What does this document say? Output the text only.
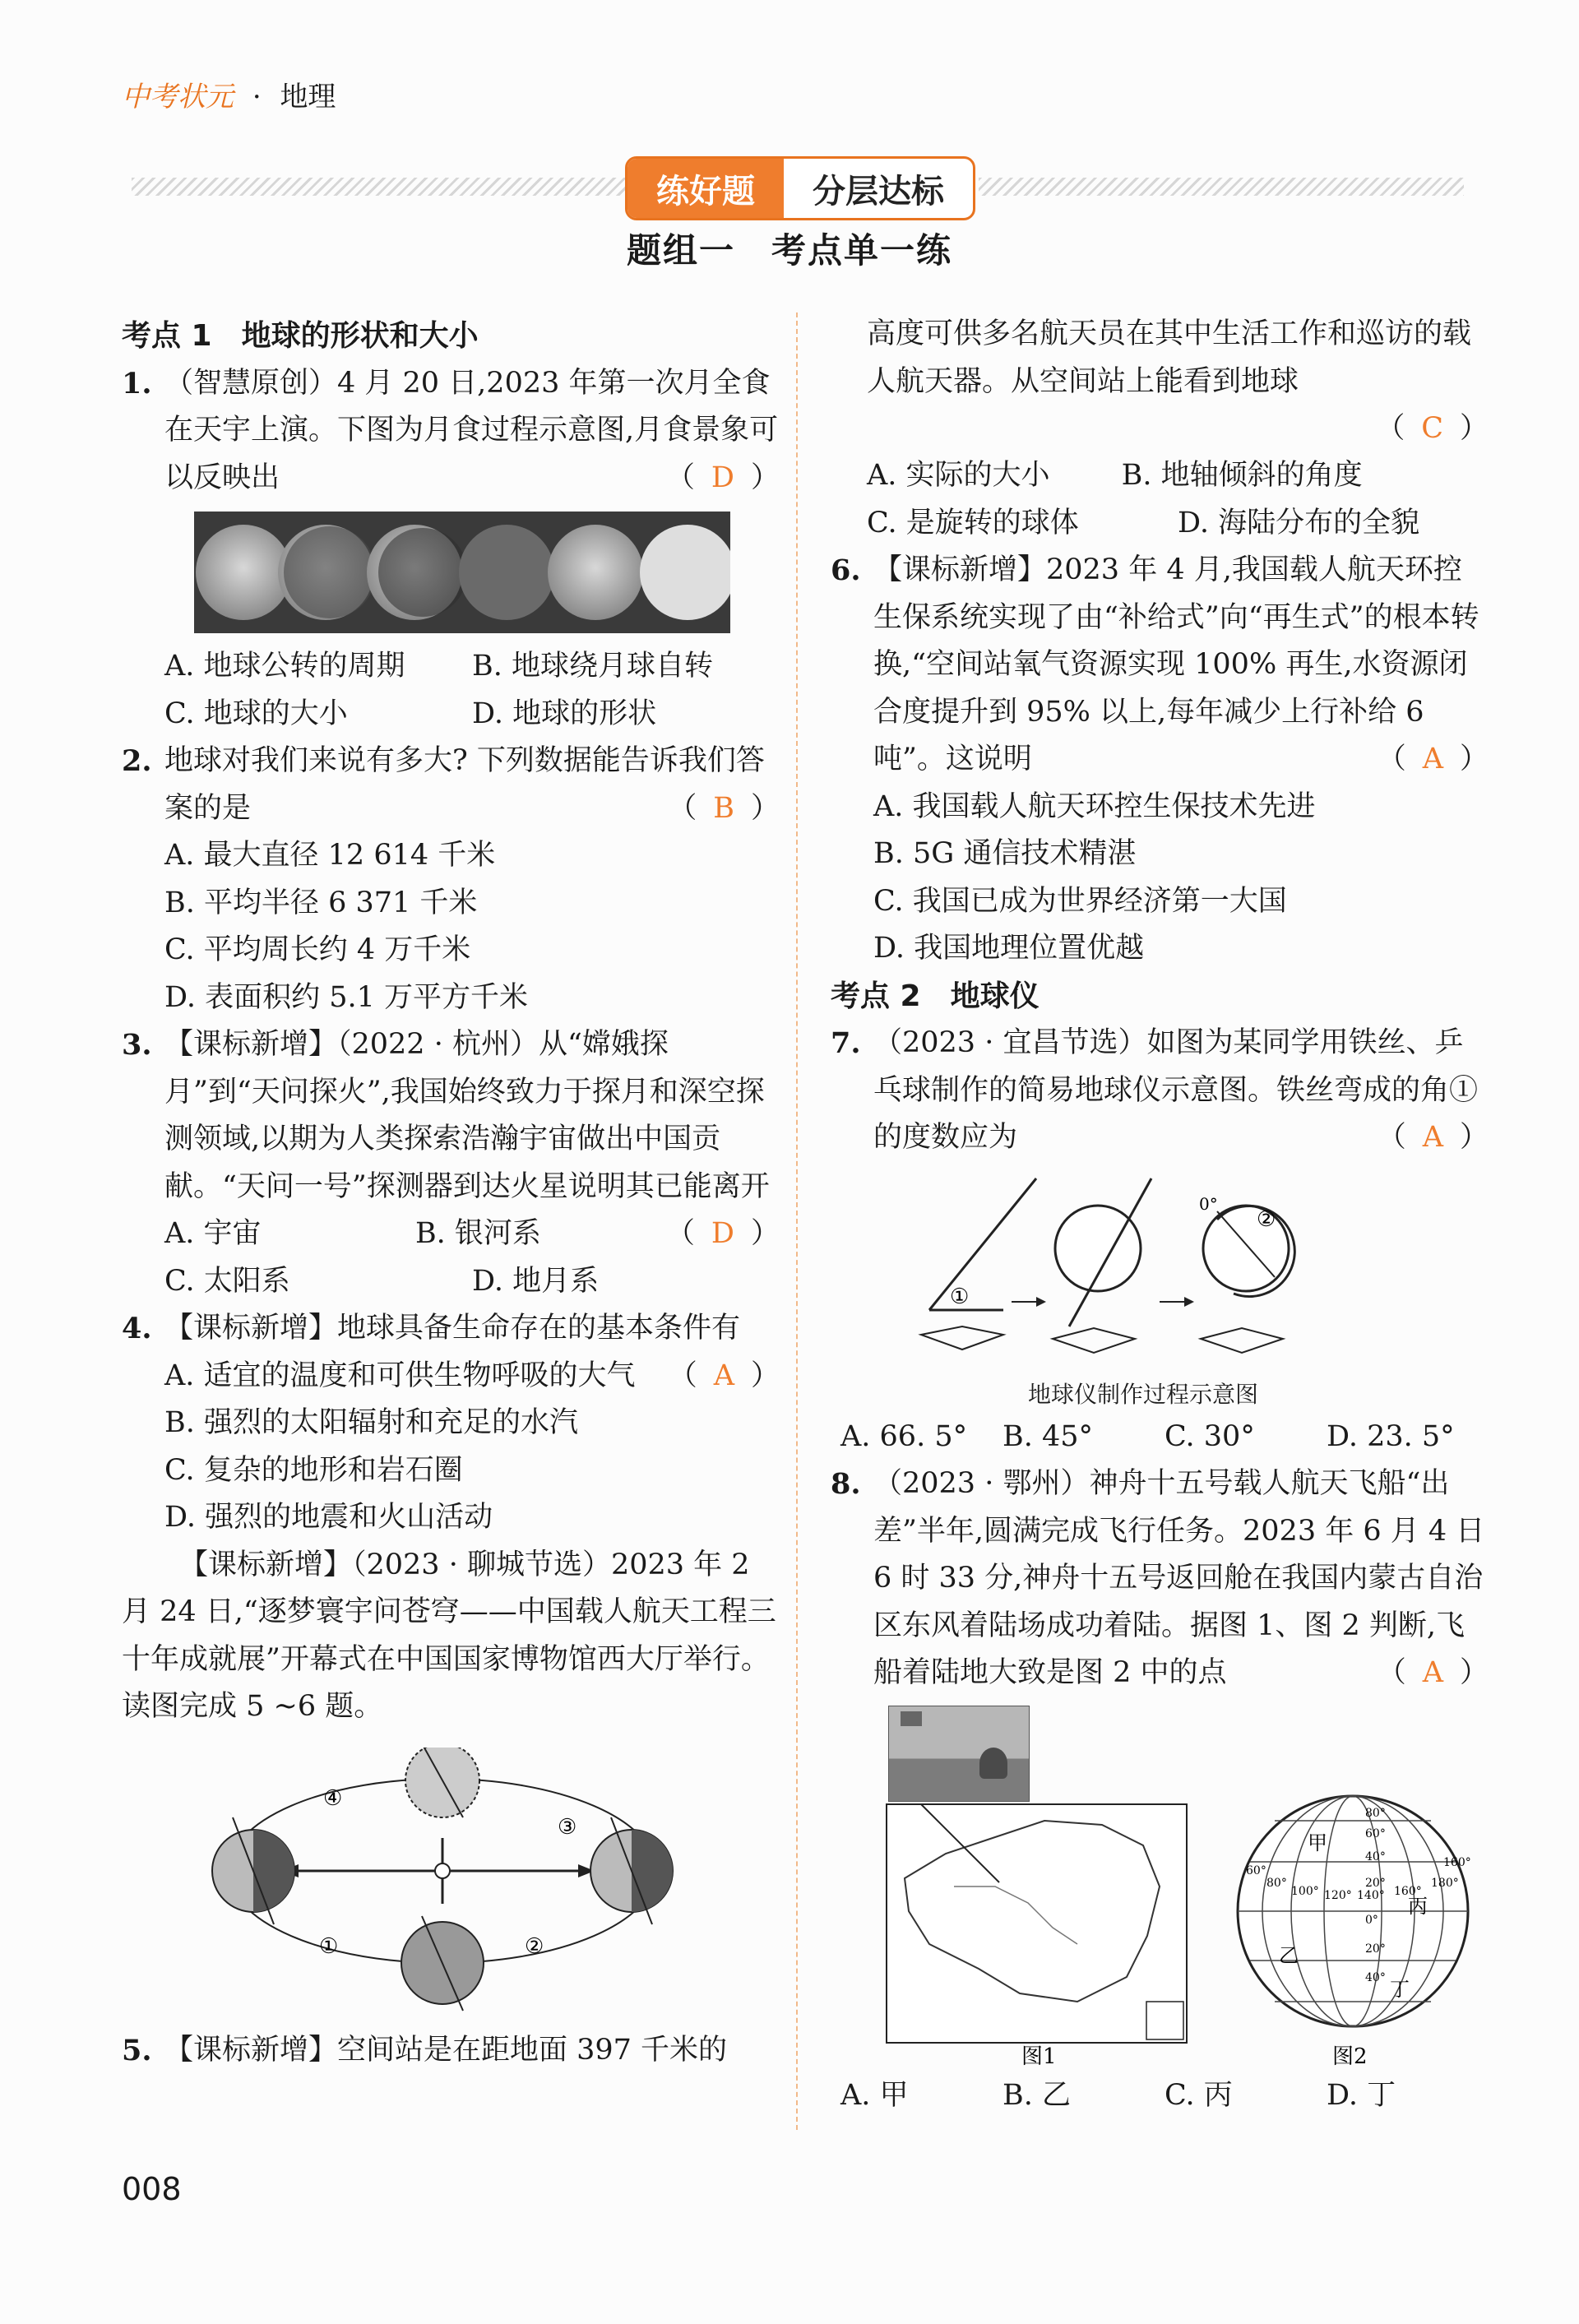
中考状元 · 地理
练好题	分层达标
题组一　考点单一练
考点 1　地球的形状和大小
1. （智慧原创）4 月 20 日,2023 年第一次月全食在天宇上演。下图为月食过程示意图,月食景象可以反映出	（ D ）
A. 地球公转的周期	B. 地球绕月球自转
C. 地球的大小	D. 地球的形状
2. 地球对我们来说有多大? 下列数据能告诉我们答案的是	（ B ）
A. 最大直径 12 614 千米
B. 平均半径 6 371 千米
C. 平均周长约 4 万千米
D. 表面积约 5.1 万平方千米
3. 【课标新增】（2022 · 杭州）从“嫦娥探月”到“天问探火”,我国始终致力于探月和深空探测领域,以期为人类探索浩瀚宇宙做出中国贡献。“天问一号”探测器到达火星说明其已能离开
（ D ）
A. 宇宙	B. 银河系
C. 太阳系	D. 地月系
4. 【课标新增】地球具备生命存在的基本条件有
（ A ）
A. 适宜的温度和可供生物呼吸的大气
B. 强烈的太阳辐射和充足的水汽
C. 复杂的地形和岩石圈
D. 强烈的地震和火山活动
【课标新增】（2023 · 聊城节选）2023 年 2 月 24 日,“逐梦寰宇问苍穹——中国载人航天工程三十年成就展”开幕式在中国国家博物馆西大厅举行。读图完成 5 ~6 题。
④
③
①	②
5. 【课标新增】空间站是在距地面 397 千米的
高度可供多名航天员在其中生活工作和巡访的载人航天器。从空间站上能看到地球
（ C ）
A. 实际的大小	B. 地轴倾斜的角度
C. 是旋转的球体	D. 海陆分布的全貌
6. 【课标新增】2023 年 4 月,我国载人航天环控生保系统实现了由“补给式”向“再生式”的根本转换,“空间站氧气资源实现 100% 再生,水资源闭合度提升到 95% 以上,每年减少上行补给 6 吨”。这说明	（ A ）
A. 我国载人航天环控生保技术先进
B. 5G 通信技术精湛
C. 我国已成为世界经济第一大国
D. 我国地理位置优越
考点 2　地球仪
7. （2023 · 宜昌节选）如图为某同学用铁丝、乒乓球制作的简易地球仪示意图。铁丝弯成的角①的度数应为	（ A ）
①
0°
②
地球仪制作过程示意图
A. 66. 5°	B. 45°	C. 30°	D. 23. 5°
8. （2023 · 鄂州）神舟十五号载人航天飞船“出差”半年,圆满完成飞行任务。2023 年 6 月 4 日 6 时 33 分,神舟十五号返回舱在我国内蒙古自治区东风着陆场成功着陆。据图 1、图 2 判断,飞船着陆地大致是图 2 中的点	（ A ）
图1
甲
乙
丙
丁
60°
80°
100° 120° 140° 160°
180°
160°
80°
60°
40°
20°
0°
20°
40°
图2
A. 甲	B. 乙	C. 丙	D. 丁
008
